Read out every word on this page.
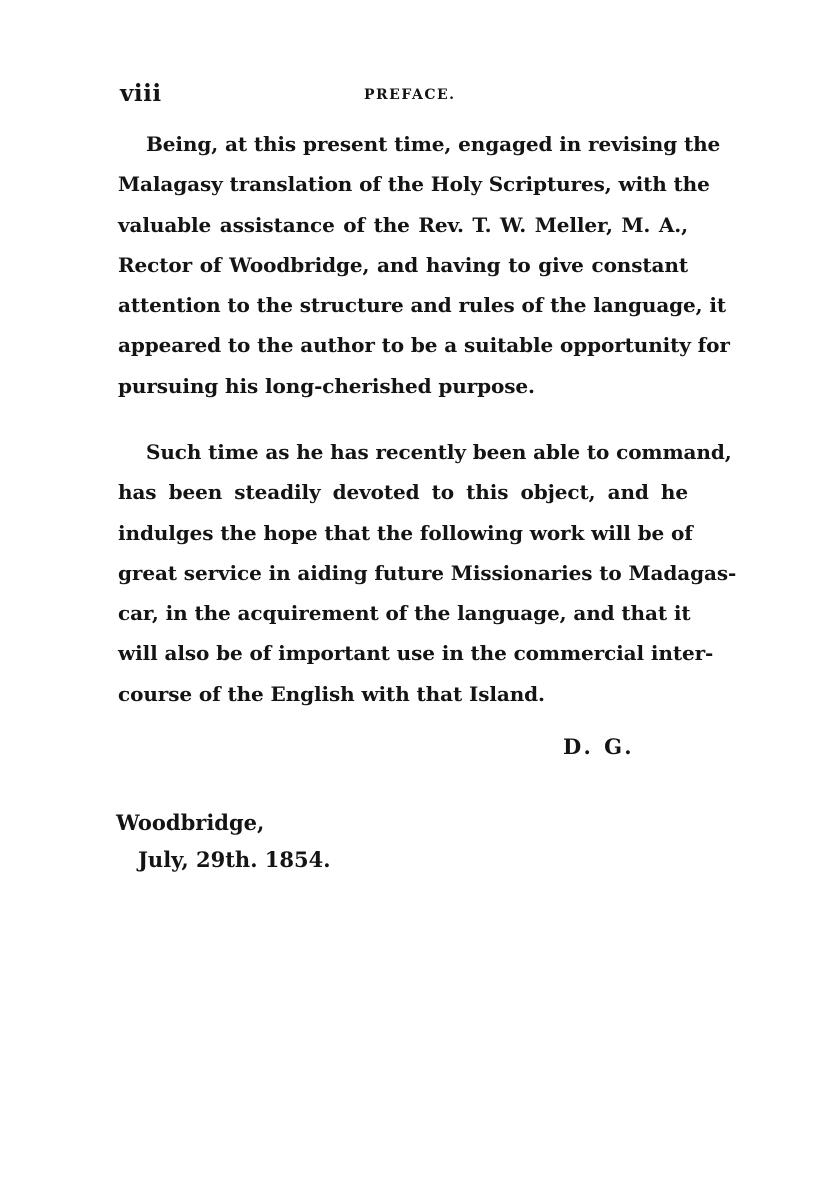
viii	PREFACE.

Being, at this present time, engaged in revising the
Malagasy translation of the Holy Scriptures, with the
valuable assistance of the Rev. T. W. Meller, M. A.,
Rector of Woodbridge, and having to give constant
attention to the structure and rules of the language, it
appeared to the author to be a suitable opportunity for
pursuing his long-cherished purpose.

Such time as he has recently been able to command,
has been steadily devoted to this object, and he
indulges the hope that the following work will be of
great service in aiding future Missionaries to Madagas-
car, in the acquirement of the language, and that it
will also be of important use in the commercial inter-
course of the English with that Island.

D. G.
Woodbridge,
July, 29th. 1854.
